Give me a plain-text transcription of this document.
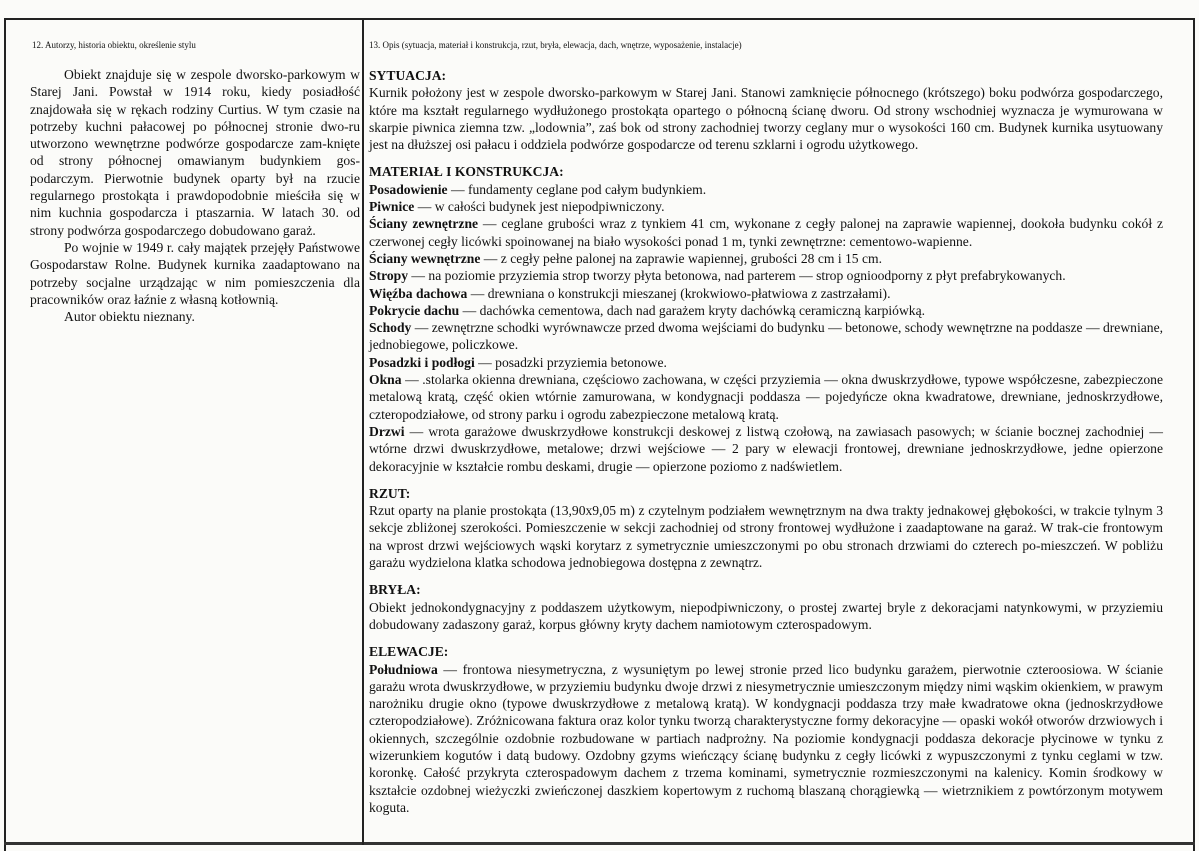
12. Autorzy, historia obiektu, określenie stylu	13. Opis (sytuacja, materiał i konstrukcja, rzut, bryła, elewacja, dach, wnętrze, wyposażenie, instalacje)

Obiekt znajduje się w zespole dworsko-parkowym w Starej Jani. Powstał w 1914 roku, kiedy posiadłość znajdowała się w rękach rodziny Curtius. W tym czasie na potrzeby kuchni pałacowej po północnej stronie dwo-ru utworzono wewnętrzne podwórze gospodarcze zam-knięte od strony północnej omawianym budynkiem gos-podarczym. Pierwotnie budynek oparty był na rzucie regularnego prostokąta i prawdopodobnie mieściła się w nim kuchnia gospodarcza i ptaszarnia. W latach 30. od strony podwórza gospodarczego dobudowano garaż.

Po wojnie w 1949 r. cały majątek przejęły Państwowe Gospodarstaw Rolne. Budynek kurnika zaadaptowano na potrzeby socjalne urządzając w nim pomieszczenia dla pracowników oraz łaźnie z własną kotłownią.

Autor obiektu nieznany.

SYTUACJA:

Kurnik położony jest w zespole dworsko-parkowym w Starej Jani. Stanowi zamknięcie północnego (krótszego) boku podwórza gospodarczego, które ma kształt regularnego wydłużonego prostokąta opartego o północną ścianę dworu. Od strony wschodniej wyznacza je wymurowana w skarpie piwnica ziemna tzw. „lodownia”, zaś bok od strony zachodniej tworzy ceglany mur o wysokości 160 cm. Budynek kurnika usytuowany jest na dłuższej osi pałacu i oddziela podwórze gospodarcze od terenu szklarni i ogrodu użytkowego.

MATERIAŁ I KONSTRUKCJA:

Posadowienie — fundamenty ceglane pod całym budynkiem.

Piwnice — w całości budynek jest niepodpiwniczony.

Ściany zewnętrzne — ceglane grubości wraz z tynkiem 41 cm, wykonane z cegły palonej na zaprawie wapiennej, dookoła budynku cokół z czerwonej cegły licówki spoinowanej na biało wysokości ponad 1 m, tynki zewnętrzne: cementowo-wapienne.

Ściany wewnętrzne — z cegły pełne palonej na zaprawie wapiennej, grubości 28 cm i 15 cm.

Stropy — na poziomie przyziemia strop tworzy płyta betonowa, nad parterem — strop ognioodporny z płyt prefabrykowanych.

Więźba dachowa — drewniana o konstrukcji mieszanej (krokwiowo-płatwiowa z zastrzałami).

Pokrycie dachu — dachówka cementowa, dach nad garażem kryty dachówką ceramiczną karpiówką.

Schody — zewnętrzne schodki wyrównawcze przed dwoma wejściami do budynku — betonowe, schody wewnętrzne na poddasze — drewniane, jednobiegowe, policzkowe.

Posadzki i podłogi — posadzki przyziemia betonowe.

Okna — .stolarka okienna drewniana, częściowo zachowana, w części przyziemia — okna dwuskrzydłowe, typowe współczesne, zabezpieczone metalową kratą, część okien wtórnie zamurowana, w kondygnacji poddasza — pojedyńcze okna kwadratowe, drewniane, jednoskrzydłowe, czteropodziałowe, od strony parku i ogrodu zabezpieczone metalową kratą.

Drzwi — wrota garażowe dwuskrzydłowe konstrukcji deskowej z listwą czołową, na zawiasach pasowych; w ścianie bocznej zachodniej — wtórne drzwi dwuskrzydłowe, metalowe; drzwi wejściowe — 2 pary w elewacji frontowej, drewniane jednoskrzydłowe, jedne opierzone dekoracyjnie w kształcie rombu deskami, drugie — opierzone poziomo z nadświetlem.

RZUT:

Rzut oparty na planie prostokąta (13,90x9,05 m) z czytelnym podziałem wewnętrznym na dwa trakty jednakowej głębokości, w trakcie tylnym 3 sekcje zbliżonej szerokości. Pomieszczenie w sekcji zachodniej od strony frontowej wydłużone i zaadaptowane na garaż. W trak-cie frontowym na wprost drzwi wejściowych wąski korytarz z symetrycznie umieszczonymi po obu stronach drzwiami do czterech po-mieszczeń. W pobliżu garażu wydzielona klatka schodowa jednobiegowa dostępna z zewnątrz.

BRYŁA:

Obiekt jednokondygnacyjny z poddaszem użytkowym, niepodpiwniczony, o prostej zwartej bryle z dekoracjami natynkowymi, w przyziemiu dobudowany zadaszony garaż, korpus główny kryty dachem namiotowym czterospadowym.

ELEWACJE:

Południowa — frontowa niesymetryczna, z wysuniętym po lewej stronie przed lico budynku garażem, pierwotnie czteroosiowa. W ścianie garażu wrota dwuskrzydłowe, w przyziemiu budynku dwoje drzwi z niesymetrycznie umieszczonym między nimi wąskim okienkiem, w prawym narożniku drugie okno (typowe dwuskrzydłowe z metalową kratą). W kondygnacji poddasza trzy małe kwadratowe okna (jednoskrzydłowe czteropodziałowe). Zróżnicowana faktura oraz kolor tynku tworzą charakterystyczne formy dekoracyjne — opaski wokół otworów drzwiowych i okiennych, szczególnie ozdobnie rozbudowane w partiach nadprożny. Na poziomie kondygnacji poddasza dekoracje płycinowe w tynku z wizerunkiem kogutów i datą budowy. Ozdobny gzyms wieńczący ścianę budynku z cegły licówki z wypuszczonymi z tynku ceglami w tzw. koronkę. Całość przykryta czterospadowym dachem z trzema kominami, symetrycznie rozmieszczonymi na kalenicy. Komin środkowy w kształcie ozdobnej wieżyczki zwieńczonej daszkiem kopertowym z ruchomą blaszaną chorągiewką — wietrznikiem z powtórzonym motywem koguta.
